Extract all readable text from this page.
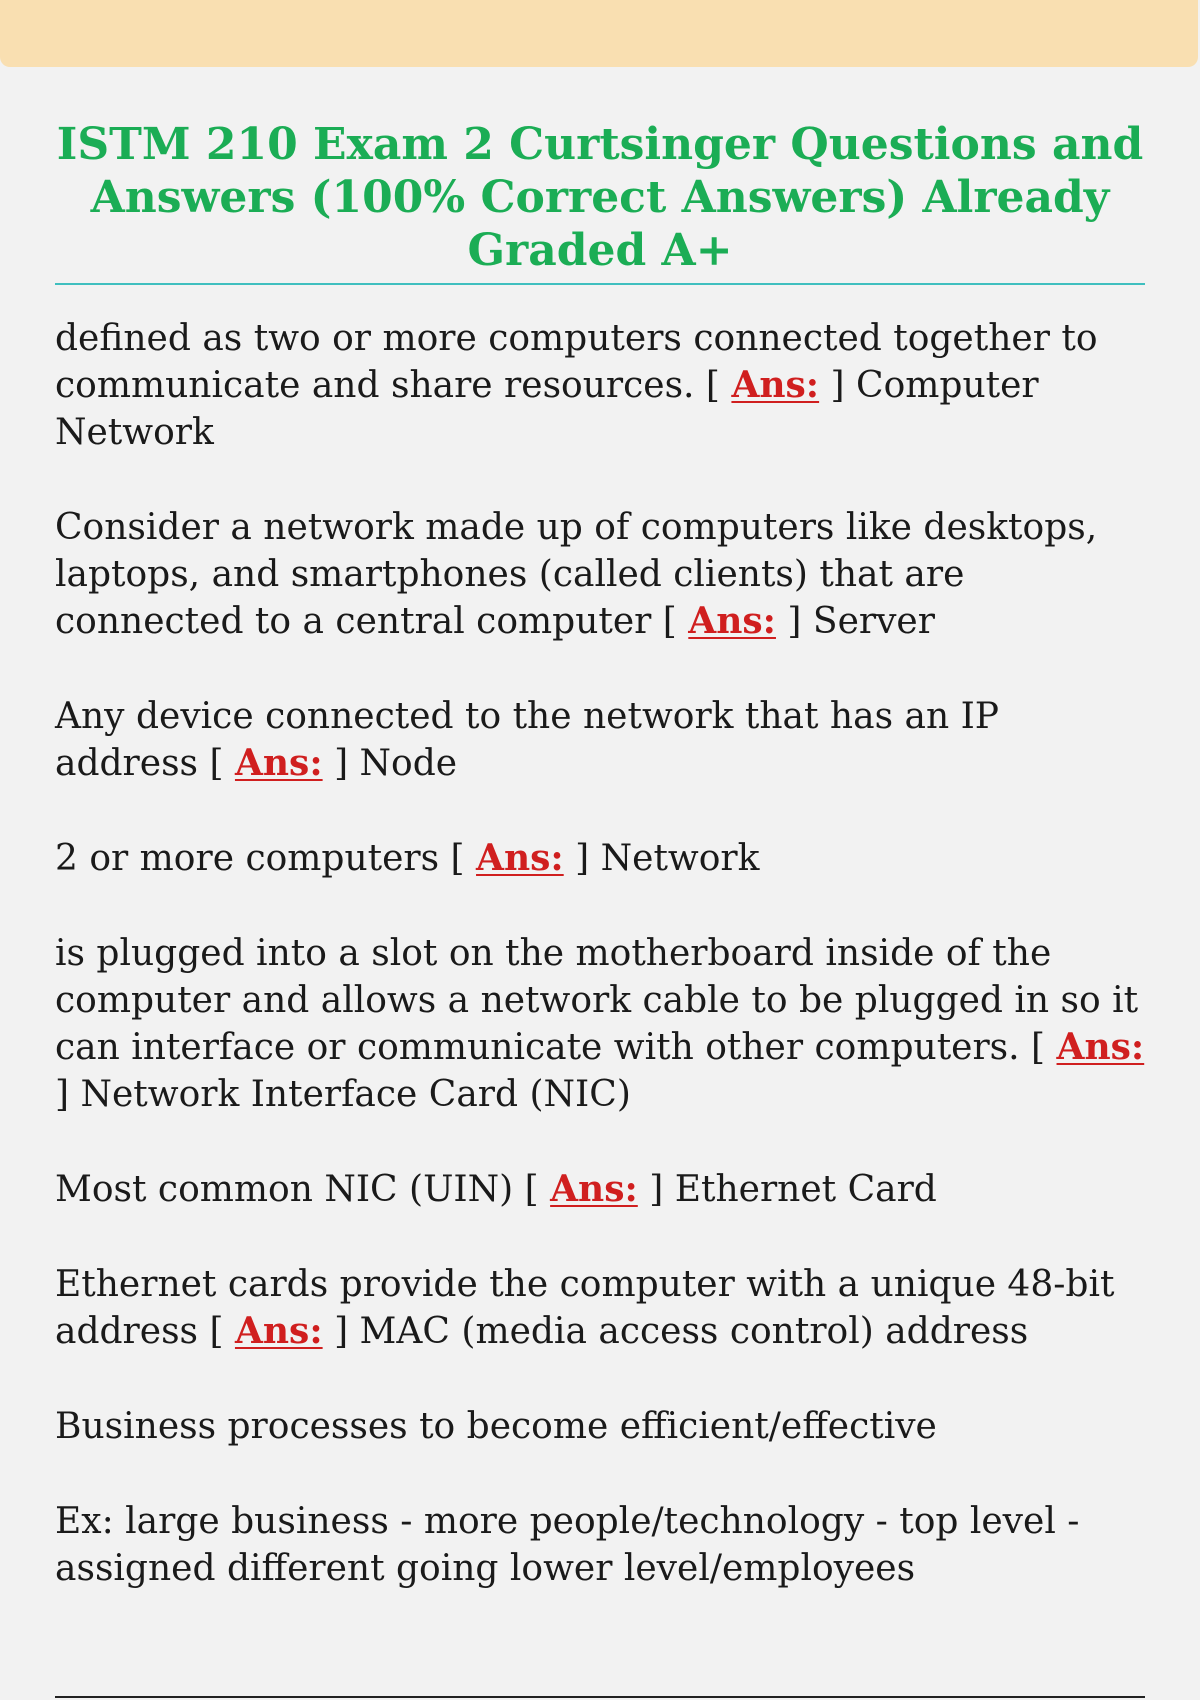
ISTM 210 Exam 2 Curtsinger Questions and Answers (100% Correct Answers) Already Graded A+

defined as two or more computers connected together to communicate and share resources. [ Ans: ] Computer Network

Consider a network made up of computers like desktops, laptops, and smartphones (called clients) that are connected to a central computer [ Ans: ] Server

Any device connected to the network that has an IP address [ Ans: ] Node

2 or more computers [ Ans: ] Network

is plugged into a slot on the motherboard inside of the computer and allows a network cable to be plugged in so it can interface or communicate with other computers. [ Ans: ] Network Interface Card (NIC)

Most common NIC (UIN) [ Ans: ] Ethernet Card

Ethernet cards provide the computer with a unique 48-bit address [ Ans: ] MAC (media access control) address

Business processes to become efficient/effective

Ex: large business - more people/technology - top level - assigned different going lower level/employees
